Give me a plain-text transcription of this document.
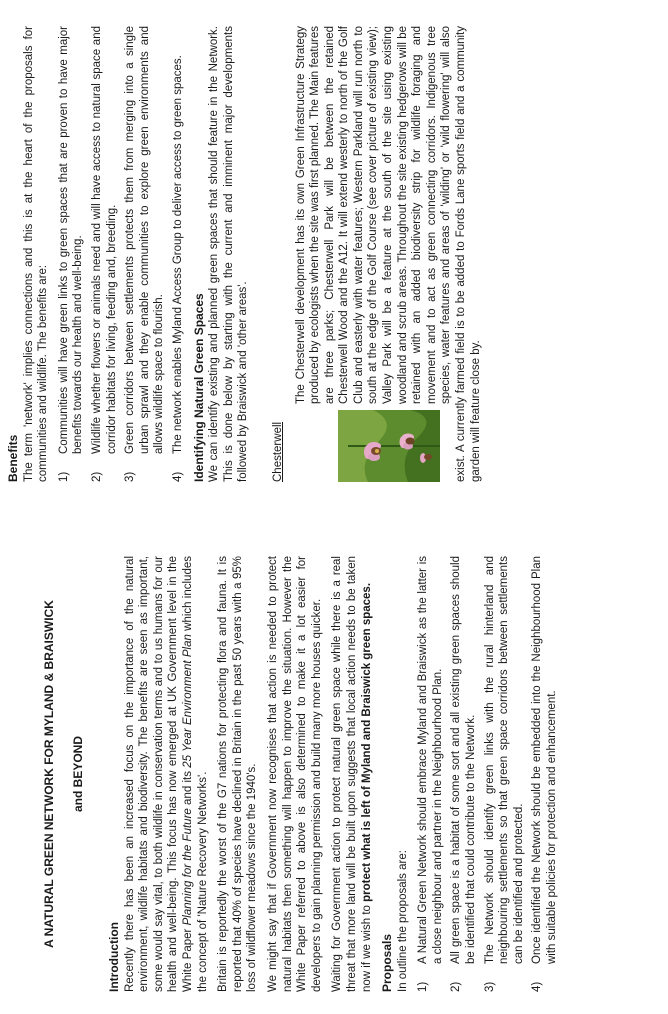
A NATURAL GREEN NETWORK FOR MYLAND & BRAISWICK and BEYOND
Introduction Recently there has been an increased focus on the importance of the natural environment, wildlife habitats and biodiversity. The benefits are seen as important, some would say vital, to both wildlife in conservation terms and to us humans for our health and well-being. This focus has now emerged at UK Government level in the White Paper Planning for the Future and its 25 Year Environment Plan which includes the concept of 'Nature Recovery Networks'. Britain is reportedly the worst of the G7 nations for protecting flora and fauna. It is reported that 40% of species have declined in Britain in the past 50 years with a 95% loss of wildflower meadows since the 1940's. We might say that if Government now recognises that action is needed to protect natural habitats then something will happen to improve the situation. However the White Paper referred to above is also determined to make it a lot easier for developers to gain planning permission and build many more houses quicker. Waiting for Government action to protect natural green space while there is a real threat that more land will be built upon suggests that local action needs to be taken now if we wish to protect what is left of Myland and Braiswick green spaces.

Proposals In outline the proposals are: 1)
A Natural Green Network should embrace Myland and Braiswick as the latter is a close neighbour and partner in the Neighbourhood Plan.
2)
All green space is a habitat of some sort and all existing green spaces should be identified that could contribute to the Network.
3)
The Network should identify green links with the rural hinterland and neighbouring settlements so that green space corridors between settlements can be identified and protected.
4)
Once identified the Network should be embedded into the Neighbourhood Plan with suitable policies for protection and enhancement.
Benefits The term 'network' implies connections and this is at the heart of the proposals for communities and wildlife. The benefits are: 1)
Communities will have green links to green spaces that are proven to have major benefits towards our health and well-being.
2)
Wildlife whether flowers or animals need and will have access to natural space and corridor habitats for living, feeding and, breeding.
3)
Green corridors between settlements protects them from merging into a single urban sprawl and they enable communities to explore green environments and allows wildlife space to flourish.
4)
The network enables Myland Access Group to deliver access to green spaces. Identifying Natural Green Spaces We can identify existing and planned green spaces that should feature in the Network. This is done below by starting with the current and imminent major developments followed by Braiswick and 'other areas'. Chesterwell

The Chesterwell development has its own Green Infrastructure Strategy produced by ecologists when the site was first planned. The Main features are three parks; Chesterwell Park will be between the retained Chesterwell Wood and the A12. It will extend westerly to north of the Golf Club and easterly with water features; Western Parkland will run north to south at the edge of the Golf Course (see cover picture of existing view); Valley Park will be a feature at the south of the site using existing woodland and scrub areas. Throughout the site existing hedgerows will be retained with an added biodiversity strip for wildlife foraging and movement and to act as green connecting corridors. Indigenous tree species, water features and areas of 'wilding' or 'wild flowering' will also exist. A currently farmed field is to be added to Fords Lane sports field and a community garden will feature close by.
